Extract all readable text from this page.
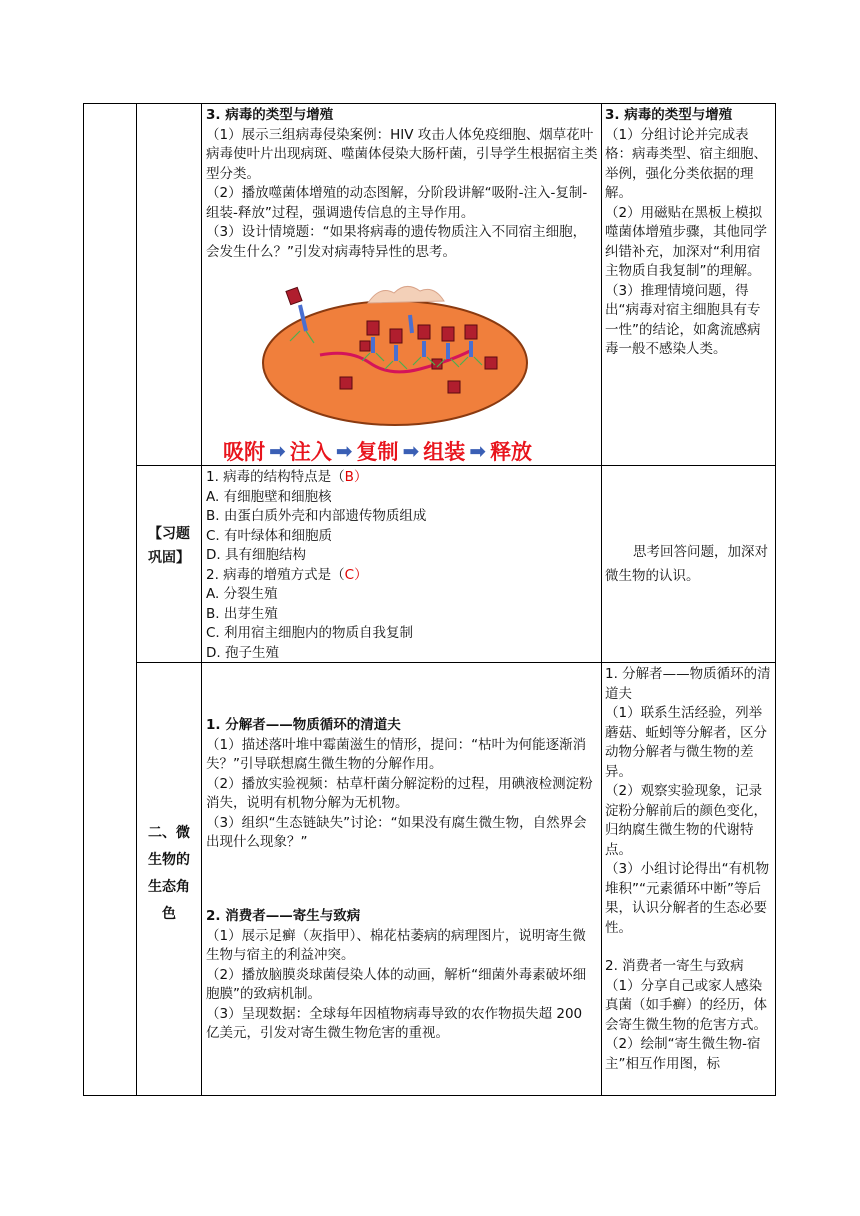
3. 病毒的类型与增殖

（1）展示三组病毒侵染案例：HIV 攻击人体免疫细胞、烟草花叶病毒使叶片出现病斑、噬菌体侵染大肠杆菌，引导学生根据宿主类型分类。

（2）播放噬菌体增殖的动态图解，分阶段讲解“吸附-注入-复制-组装-释放”过程，强调遗传信息的主导作用。

（3）设计情境题：“如果将病毒的遗传物质注入不同宿主细胞，会发生什么？”引发对病毒特异性的思考。

吸附 ➡ 注入 ➡ 复制 ➡ 组装 ➡ 释放

3. 病毒的类型与增殖

（1）分组讨论并完成表格：病毒类型、宿主细胞、举例，强化分类依据的理解。

（2）用磁贴在黑板上模拟噬菌体增殖步骤，其他同学纠错补充，加深对“利用宿主物质自我复制”的理解。

（3）推理情境问题，得出“病毒对宿主细胞具有专一性”的结论，如禽流感病毒一般不感染人类。

【习题
巩固】

1. 病毒的结构特点是（B）

A. 有细胞壁和细胞核

B. 由蛋白质外壳和内部遗传物质组成

C. 有叶绿体和细胞质

D. 具有细胞结构

2. 病毒的增殖方式是（C）

A. 分裂生殖

B. 出芽生殖

C. 利用宿主细胞内的物质自我复制

D. 孢子生殖

思考回答问题，加深对微生物的认识。

二、微
生物的
生态角
色

1. 分解者——物质循环的清道夫

（1）描述落叶堆中霉菌滋生的情形，提问：“枯叶为何能逐渐消失？”引导联想腐生微生物的分解作用。

（2）播放实验视频：枯草杆菌分解淀粉的过程，用碘液检测淀粉消失，说明有机物分解为无机物。

（3）组织“生态链缺失”讨论：“如果没有腐生微生物，自然界会出现什么现象？”

2. 消费者——寄生与致病

（1）展示足癣（灰指甲）、棉花枯萎病的病理图片，说明寄生微生物与宿主的利益冲突。

（2）播放脑膜炎球菌侵染人体的动画，解析“细菌外毒素破坏细胞膜”的致病机制。

（3）呈现数据：全球每年因植物病毒导致的农作物损失超 200 亿美元，引发对寄生微生物危害的重视。

1. 分解者——物质循环的清道夫

（1）联系生活经验，列举蘑菇、蚯蚓等分解者，区分动物分解者与微生物的差异。

（2）观察实验现象，记录淀粉分解前后的颜色变化，归纳腐生微生物的代谢特点。

（3）小组讨论得出“有机物堆积”“元素循环中断”等后果，认识分解者的生态必要性。

2. 消费者一寄生与致病

（1）分享自己或家人感染真菌（如手癣）的经历，体会寄生微生物的危害方式。

（2）绘制“寄生微生物-宿主”相互作用图，标
